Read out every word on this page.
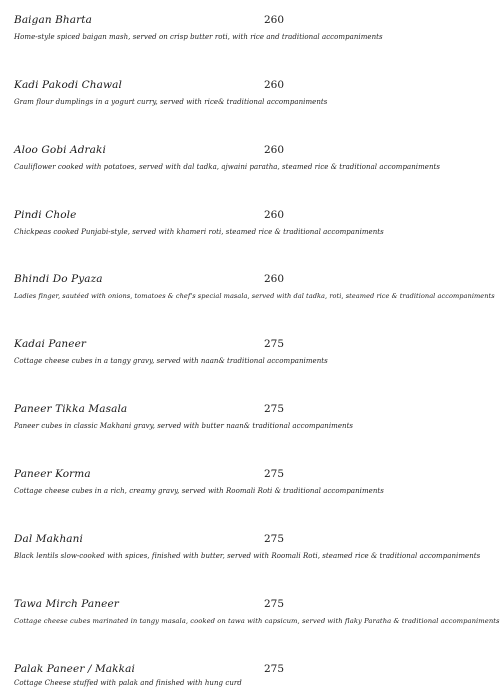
Baigan Bharta	260
Home-style spiced baigan mash, served on crisp butter roti, with rice and traditional accompaniments
Kadi Pakodi Chawal	260
Gram flour dumplings in a yogurt curry, served with rice& traditional accompaniments
Aloo Gobi Adraki	260
Cauliflower cooked with potatoes, served with dal tadka, ajwaini paratha, steamed rice & traditional accompaniments
Pindi Chole	260
Chickpeas cooked Punjabi-style, served with khameri roti, steamed rice & traditional accompaniments
Bhindi Do Pyaza	260
Ladies finger, sautéed with onions, tomatoes & chef's special masala, served with dal tadka, roti, steamed rice & traditional accompaniments
Kadai Paneer	275
Cottage cheese cubes in a tangy gravy, served with naan& traditional accompaniments
Paneer Tikka Masala	275
Paneer cubes in classic Makhani gravy, served with butter naan& traditional accompaniments
Paneer Korma	275
Cottage cheese cubes in a rich, creamy gravy, served with Roomali Roti & traditional accompaniments
Dal Makhani	275
Black lentils slow-cooked with spices, finished with butter, served with Roomali Roti, steamed rice & traditional accompaniments
Tawa Mirch Paneer	275
Cottage cheese cubes marinated in tangy masala, cooked on tawa with capsicum, served with flaky Paratha & traditional accompaniments
Palak Paneer / Makkai	275
Cottage Cheese stuffed with palak and finished with hung curd
